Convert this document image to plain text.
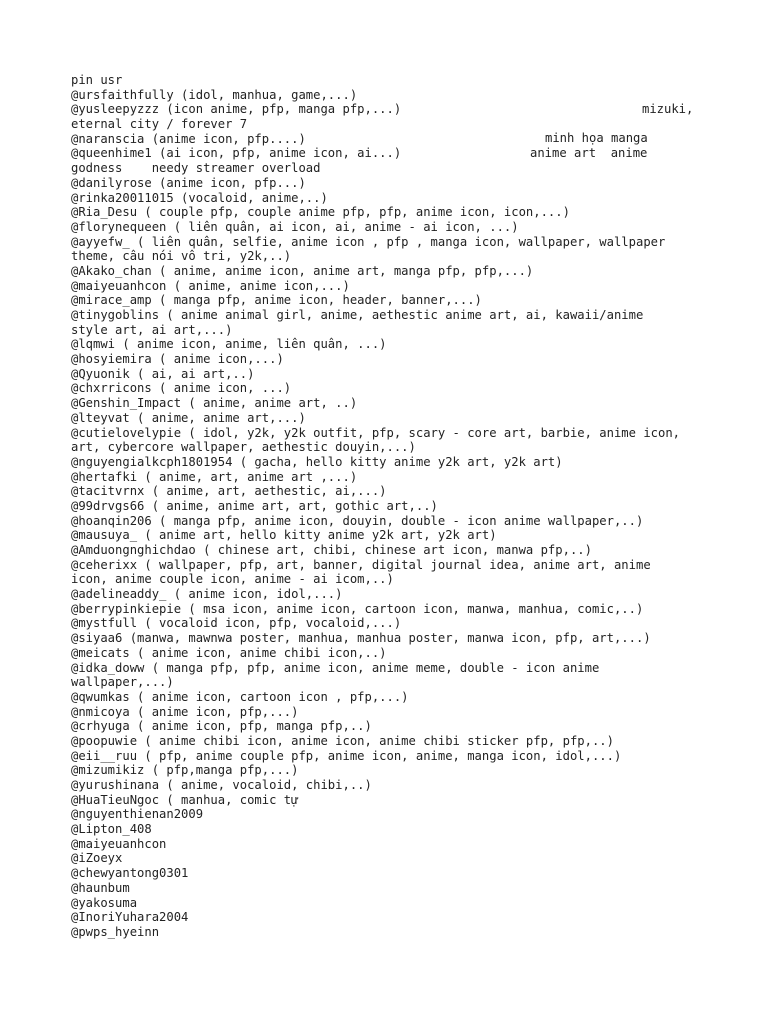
mizuki,
minh họa manga
anime art  anime
pin usr
@ursfaithfully (idol, manhua, game,...)
@yusleepyzzz (icon anime, pfp, manga pfp,...)
eternal city / forever 7
@naranscia (anime icon, pfp....)
@queenhime1 (ai icon, pfp, anime icon, ai...)
godness    needy streamer overload
@danilyrose (anime icon, pfp...)
@rinka20011015 (vocaloid, anime,..)
@Ria_Desu ( couple pfp, couple anime pfp, pfp, anime icon, icon,...)
@florynequeen ( liên quân, ai icon, ai, anime - ai icon, ...)
@ayyefw_ ( liên quân, selfie, anime icon , pfp , manga icon, wallpaper, wallpaper
theme, câu nói vô tri, y2k,..)
@Akako_chan ( anime, anime icon, anime art, manga pfp, pfp,...)
@maiyeuanhcon ( anime, anime icon,...)
@mirace_amp ( manga pfp, anime icon, header, banner,...)
@tinygoblins ( anime animal girl, anime, aethestic anime art, ai, kawaii/anime
style art, ai art,...)
@lqmwi ( anime icon, anime, liên quân, ...)
@hosyiemira ( anime icon,...)
@Qyuonik ( ai, ai art,..)
@chxrricons ( anime icon, ...)
@Genshin_Impact ( anime, anime art, ..)
@lteyvat ( anime, anime art,...)
@cutielovelypie ( idol, y2k, y2k outfit, pfp, scary - core art, barbie, anime icon,
art, cybercore wallpaper, aethestic douyin,...)
@nguyengialkcph1801954 ( gacha, hello kitty anime y2k art, y2k art)
@hertafki ( anime, art, anime art ,...)
@tacitvrnx ( anime, art, aethestic, ai,...)
@99drvgs66 ( anime, anime art, art, gothic art,..)
@hoanqin206 ( manga pfp, anime icon, douyin, double - icon anime wallpaper,..)
@mausuya_ ( anime art, hello kitty anime y2k art, y2k art)
@Amduongnghichdao ( chinese art, chibi, chinese art icon, manwa pfp,..)
@ceherixx ( wallpaper, pfp, art, banner, digital journal idea, anime art, anime
icon, anime couple icon, anime - ai icom,..)
@adelineaddy_ ( anime icon, idol,...)
@berrypinkiepie ( msa icon, anime icon, cartoon icon, manwa, manhua, comic,..)
@mystfull ( vocaloid icon, pfp, vocaloid,...)
@siyaa6 (manwa, mawnwa poster, manhua, manhua poster, manwa icon, pfp, art,...)
@meicats ( anime icon, anime chibi icon,..)
@idka_doww ( manga pfp, pfp, anime icon, anime meme, double - icon anime
wallpaper,...)
@qwumkas ( anime icon, cartoon icon , pfp,...)
@nmicoya ( anime icon, pfp,...)
@crhyuga ( anime icon, pfp, manga pfp,..)
@poopuwie ( anime chibi icon, anime icon, anime chibi sticker pfp, pfp,..)
@eii__ruu ( pfp, anime couple pfp, anime icon, anime, manga icon, idol,...)
@mizumikiz ( pfp,manga pfp,...)
@yurushinana ( anime, vocaloid, chibi,..)
@HuaTieuNgoc ( manhua, comic tự
@nguyenthienan2009
@Lipton_408
@maiyeuanhcon
@iZoeyx
@chewyantong0301
@haunbum
@yakosuma
@InoriYuhara2004
@pwps_hyeinn
